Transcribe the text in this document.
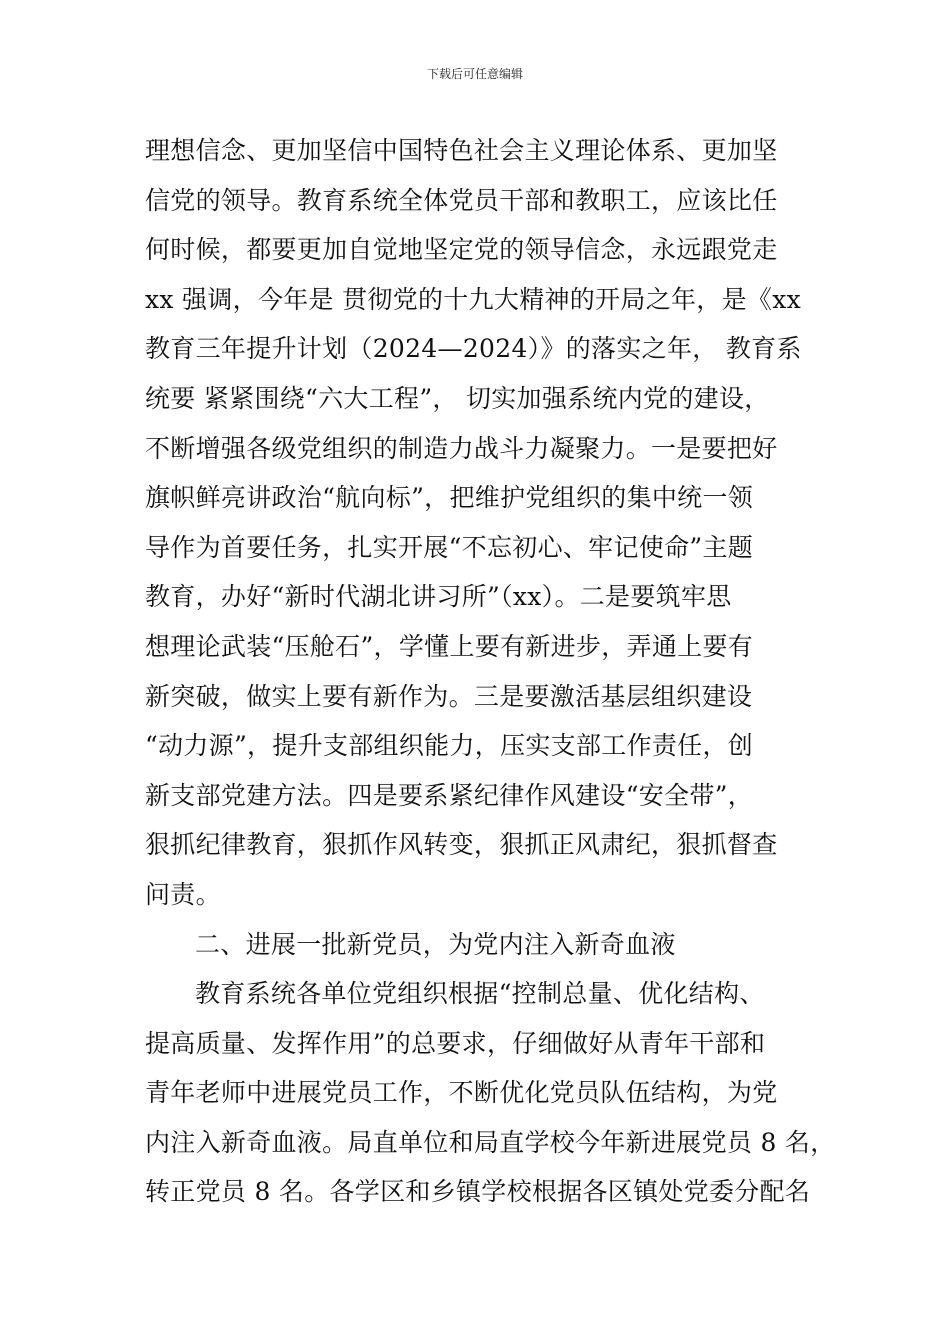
下载后可任意编辑
理想信念、更加坚信中国特色社会主义理论体系、更加坚
信党的领导。教育系统全体党员干部和教职工，应该比任
何时候，都要更加自觉地坚定党的领导信念，永远跟党走
xx 强调，今年是 贯彻党的十九大精神的开局之年，是《xx
教育三年提升计划（2024—2024）》的落实之年， 教育系
统要 紧紧围绕“六大工程”， 切实加强系统内党的建设，
不断增强各级党组织的制造力战斗力凝聚力。一是要把好
旗帜鲜亮讲政治“航向标”，把维护党组织的集中统一领
导作为首要任务，扎实开展“不忘初心、牢记使命”主题
教育，办好“新时代湖北讲习所”（xx）。二是要筑牢思
想理论武装“压舱石”，学懂上要有新进步，弄通上要有
新突破，做实上要有新作为。三是要激活基层组织建设
“动力源”，提升支部组织能力，压实支部工作责任，创
新支部党建方法。四是要系紧纪律作风建设“安全带”，
狠抓纪律教育，狠抓作风转变，狠抓正风肃纪，狠抓督查
问责。
二、进展一批新党员，为党内注入新奇血液
教育系统各单位党组织根据“控制总量、优化结构、
提高质量、发挥作用”的总要求，仔细做好从青年干部和
青年老师中进展党员工作，不断优化党员队伍结构，为党
内注入新奇血液。局直单位和局直学校今年新进展党员 8 名，
转正党员 8 名。各学区和乡镇学校根据各区镇处党委分配名
